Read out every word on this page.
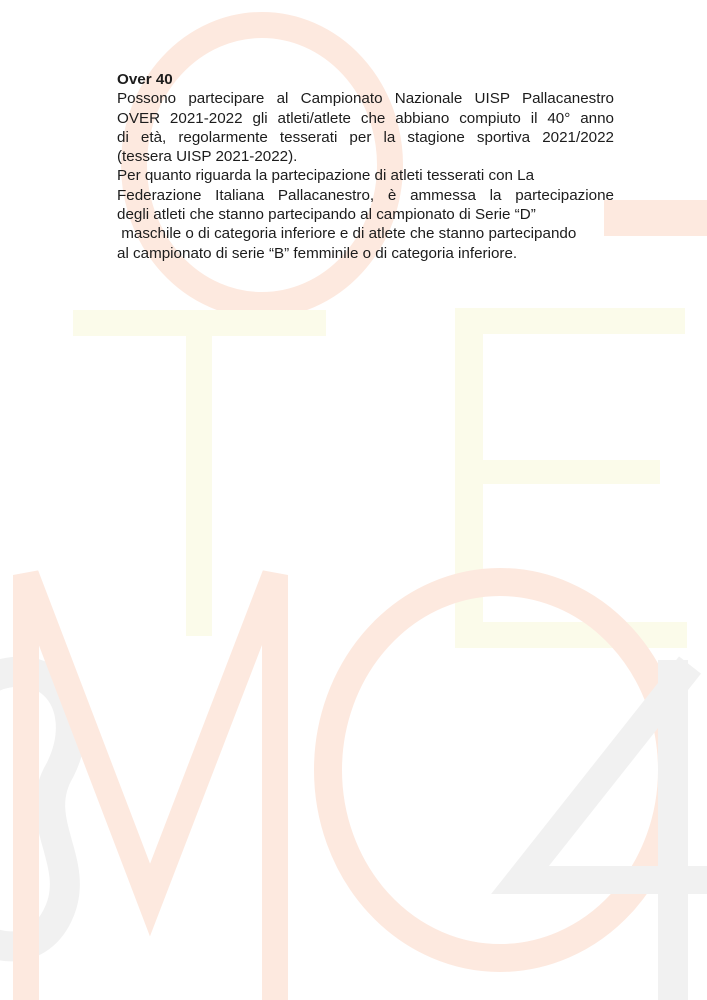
Over 40

Possono partecipare al Campionato Nazionale UISP Pallacanestro
OVER 2021-2022 gli atleti/atlete che abbiano compiuto il 40° anno
di età, regolarmente tesserati per la stagione sportiva 2021/2022
(tessera UISP 2021-2022).
Per quanto riguarda la partecipazione di atleti tesserati con La
Federazione Italiana Pallacanestro, è ammessa la partecipazione
degli atleti che stanno partecipando al campionato di Serie “D”
maschile o di categoria inferiore e di atlete che stanno partecipando
al campionato di serie “B” femminile o di categoria inferiore.
